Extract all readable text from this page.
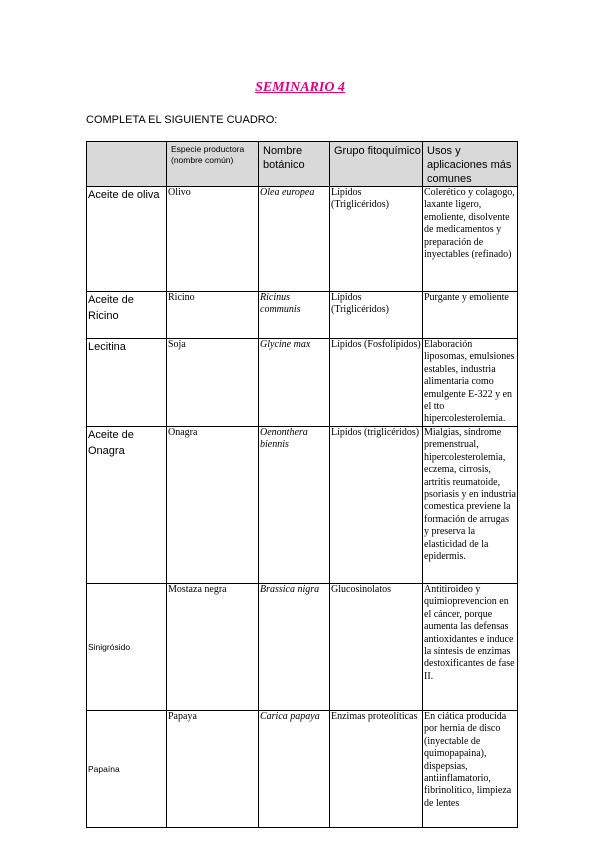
SEMINARIO 4
COMPLETA EL SIGUIENTE CUADRO:

	Especie productora (nombre común)	Nombre botánico	Grupo fitoquímico	Usos y aplicaciones más comunes

Aceite de oliva	Olivo	Olea europea	Lípidos (Triglicéridos)	Colerético y colagogo, laxante ligero, emoliente, disolvente de medicamentos y preparación de inyectables (refinado)
Aceite de Ricino	Ricino	Ricinus communis	Lípidos (Triglicéridos)	Purgante y emoliente
Lecitina	Soja	Glycine max	Lípidos (Fosfolípidos)	Elaboración liposomas, emulsiones estables, industria alimentaria como emulgente E-322 y en el tto hipercolesterolemia.
Aceite de Onagra	Onagra	Oenonthera biennis	Lípidos (triglicéridos)	Mialgias, síndrome premenstrual, hipercolesterolemia, eczema, cirrosis, artritis reumatoide, psoriasis y en industria comestica previene la formación de arrugas y preserva la elasticidad de la epidermis.
Sinigrósido	Mostaza negra	Brassica nigra	Glucosinolatos	Antitiroideo y quimioprevencion en el cáncer, porque aumenta las defensas antioxidantes e induce la síntesis de enzimas destoxificantes de fase II.
Papaína	Papaya	Carica papaya	Enzimas proteolíticas	En ciática producida por hernia de disco (inyectable de quimopapaina), dispepsias, antiinflamatorio, fibrinolítico, limpieza de lentes
